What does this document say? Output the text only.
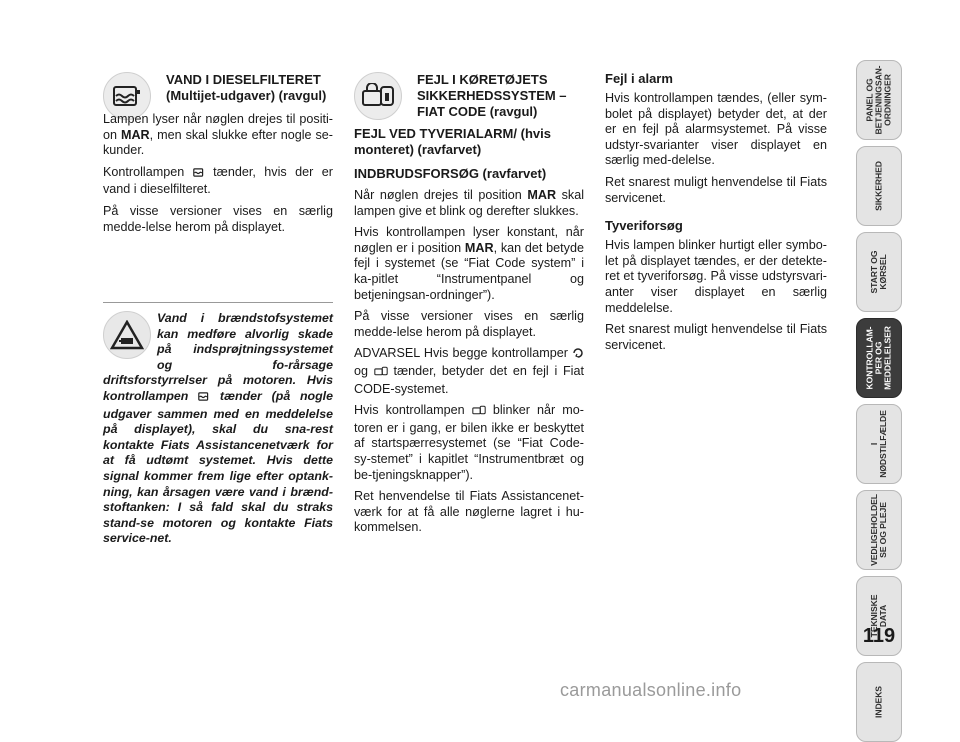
VAND I DIESELFILTERET (Multijet-udgaver) (ravgul)

Lampen lyser når nøglen drejes til positi-on MAR, men skal slukke efter nogle se-kunder.

Kontrollampen  tænder, hvis der er vand i dieselfilteret.

På visse versioner vises en særlig medde-lelse herom på displayet.

Vand i brændstofsystemet kan medføre alvorlig skade på indsprøjtningssystemet og fo-rårsage driftsforstyrrelser på motoren. Hvis kontrollampen  tænder (på nogle udgaver sammen med en meddelelse på displayet), skal du sna-rest kontakte Fiats Assistancenetværk for at få udtømt systemet. Hvis dette signal kommer frem lige efter optank-ning, kan årsagen være vand i brænd-stoftanken: I så fald skal du straks stand-se motoren og kontakte Fiats service-net.
FEJL I KØRETØJETS SIKKERHEDSSYSTEM – FIAT CODE (ravgul)
FEJL VED TYVERIALARM/ (hvis monteret) (ravfarvet)
INDBRUDSFORSØG (ravfarvet)

Når nøglen drejes til position MAR skal lampen give et blink og derefter slukkes.

Hvis kontrollampen lyser konstant, når nøglen er i position MAR, kan det betyde fejl i systemet (se “Fiat Code system” i ka-pitlet “Instrumentpanel og betjeningsan-ordninger”).

På visse versioner vises en særlig medde-lelse herom på displayet.

ADVARSEL Hvis begge kontrollamper  og  tænder, betyder det en fejl i Fiat CODE-systemet.

Hvis kontrollampen  blinker når mo-toren er i gang, er bilen ikke er beskyttet af startspærresystemet (se “Fiat Code-sy-stemet” i kapitlet “Instrumentbræt og be-tjeningsknapper”).

Ret henvendelse til Fiats Assistancenet-værk for at få alle nøglerne lagret i hu-kommelsen.

Fejl i alarm

Hvis kontrollampen tændes, (eller sym-bolet på displayet) betyder det, at der er en fejl på alarmsystemet. På visse udstyr-svarianter viser displayet en særlig med-delelse.

Ret snarest muligt henvendelse til Fiats servicenet.

Tyveriforsøg

Hvis lampen blinker hurtigt eller symbo-let på displayet tændes, er der detekte-ret et tyveriforsøg. På visse udstyrsvari-anter viser displayet en særlig meddelelse.

Ret snarest muligt henvendelse til Fiats servicenet.

PANEL OG
BETJENINGSAN-
ORDNINGER
SIKKERHED
START OG
KØRSEL
KONTROLLAM-
PER OG
MEDDELELSER
I
NØDSTILFÆLDE
VEDLIGEHOLDEL
SE OG PLEJE
TEKNISKE
DATA
INDEKS
119
carmanualsonline.info
